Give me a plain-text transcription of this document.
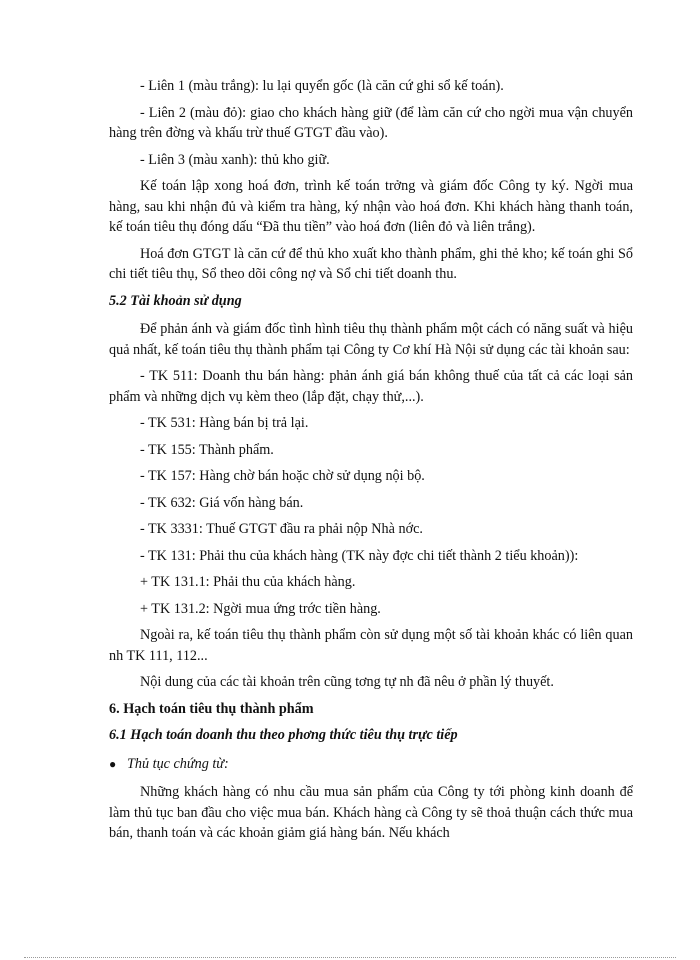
- Liên 1 (màu trắng): lu lại quyển gốc (là căn cứ ghi sổ kế toán).

- Liên 2 (màu đỏ): giao cho khách hàng giữ (để làm căn cứ cho ngời mua vận chuyển hàng trên đờng và khấu trừ thuế GTGT đầu vào).

- Liên 3 (màu xanh): thủ kho giữ.

Kế toán lập xong hoá đơn, trình kế toán trởng và giám đốc Công ty ký. Ngời mua hàng, sau khi nhận đủ và kiểm tra hàng, ký nhận vào hoá đơn. Khi khách hàng thanh toán, kế toán tiêu thụ đóng dấu “Đã thu tiền” vào hoá đơn (liên đỏ và liên trắng).

Hoá đơn GTGT là căn cứ để thủ kho xuất kho thành phẩm, ghi thẻ kho; kế toán ghi Sổ chi tiết tiêu thụ, Sổ theo dõi công nợ và Sổ chi tiết doanh thu.

5.2 Tài khoản sử dụng

Để phản ánh và giám đốc tình hình tiêu thụ thành phẩm một cách có năng suất và hiệu quả nhất, kế toán tiêu thụ thành phẩm tại Công ty Cơ khí Hà Nội sử dụng các tài khoản sau:

- TK 511: Doanh thu bán hàng: phản ánh giá bán không thuế của tất cả các loại sản phẩm và những dịch vụ kèm theo (lắp đặt, chạy thử,...).

- TK 531: Hàng bán bị trả lại.

- TK 155: Thành phẩm.

- TK 157: Hàng chờ bán hoặc chờ sử dụng nội bộ.

- TK 632: Giá vốn hàng bán.

- TK 3331: Thuế GTGT đầu ra phải nộp Nhà nớc.

- TK 131: Phải thu của khách hàng (TK này đợc chi tiết thành 2 tiểu khoản)):

+ TK 131.1: Phải thu của khách hàng.

+ TK 131.2: Ngời mua ứng trớc tiền hàng.

Ngoài ra, kế toán tiêu thụ thành phẩm còn sử dụng một số tài khoản khác có liên quan nh TK 111, 112...

Nội dung của các tài khoản trên cũng tơng tự nh đã nêu ở phần lý thuyết.

6. Hạch toán tiêu thụ thành phẩm

6.1 Hạch toán doanh thu theo phơng thức tiêu thụ trực tiếp

● Thủ tục chứng từ:

Những khách hàng có nhu cầu mua sản phẩm của Công ty tới phòng kinh doanh để làm thủ tục ban đầu cho việc mua bán. Khách hàng cà Công ty sẽ thoả thuận cách thức mua bán, thanh toán và các khoản giảm giá hàng bán. Nếu khách
